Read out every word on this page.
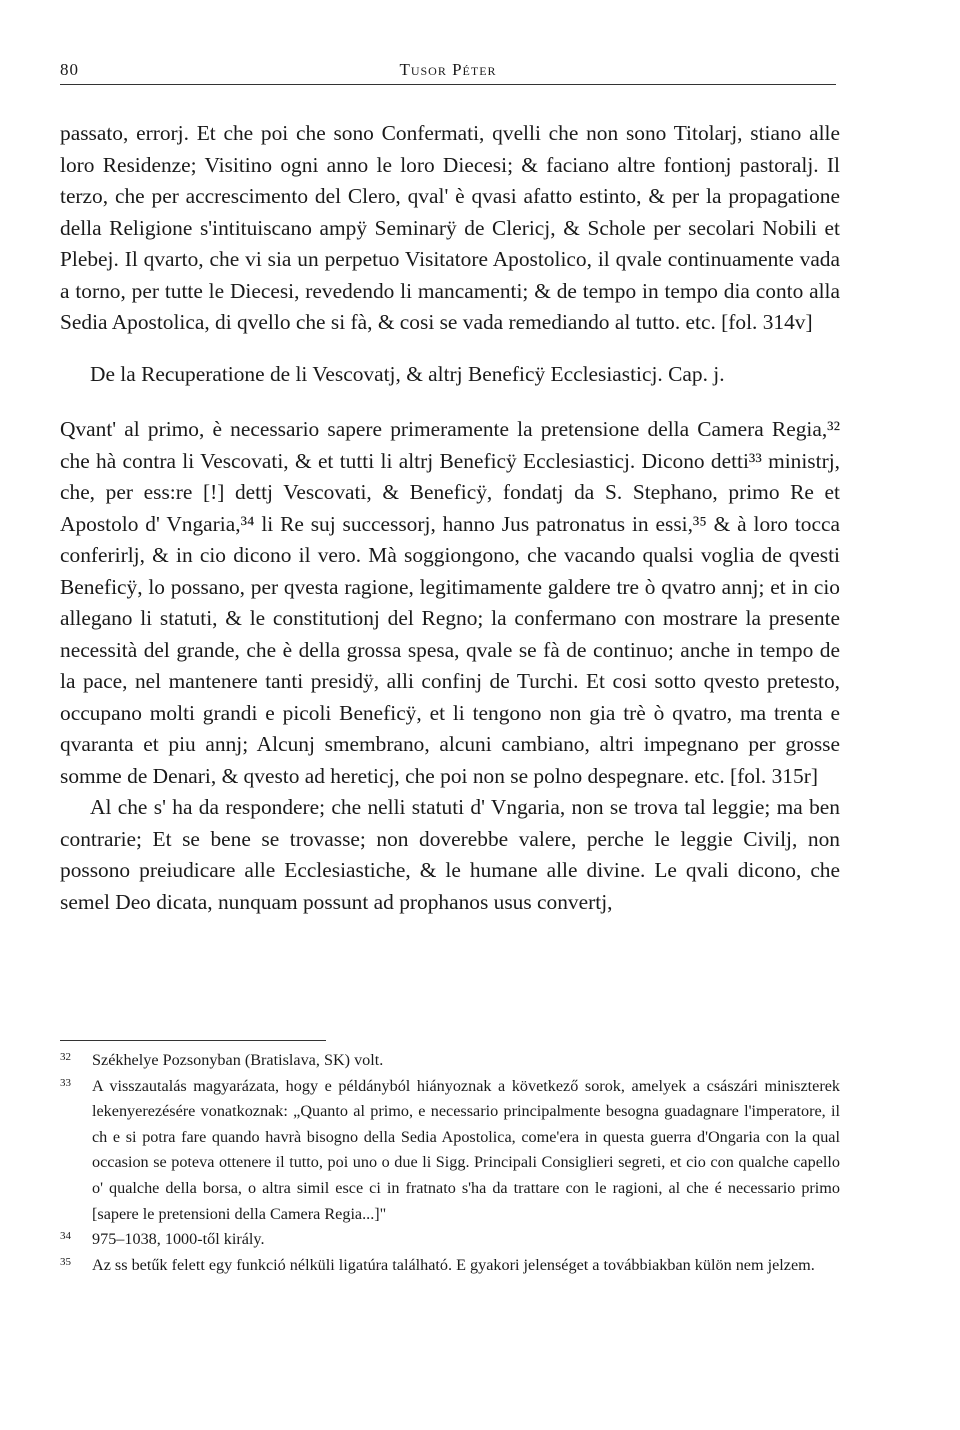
80	Tusor Péter

passato, errorj. Et che poi che sono Confermati, qvelli che non sono Titolarj, stiano alle loro Residenze; Visitino ogni anno le loro Diecesi; & faciano altre fontionj pastoralj. Il terzo, che per accrescimento del Clero, qval' è qvasi afatto estinto, & per la propagatione della Religione s'intituiscano ampÿ Seminarÿ de Clericj, & Schole per secolari Nobili et Plebej. Il qvarto, che vi sia un perpetuo Visitatore Apostolico, il qvale continuamente vada a torno, per tutte le Diecesi, revedendo li mancamenti; & de tempo in tempo dia conto alla Sedia Apostolica, di qvello che si fà, & cosi se vada remediando al tutto. etc. [fol. 314v]

De la Recuperatione de li Vescovatj, & altrj Beneficÿ Ecclesiasticj. Cap. j.

Qvant' al primo, è necessario sapere primeramente la pretensione della Camera Regia,³² che hà contra li Vescovati, & et tutti li altrj Beneficÿ Ecclesiasticj. Dicono detti³³ ministrj, che, per ess:re [!] dettj Vescovati, & Beneficÿ, fondatj da S. Stephano, primo Re et Apostolo d' Vngaria,³⁴ li Re suj successorj, hanno Jus patronatus in essi,³⁵ & à loro tocca conferirlj, & in cio dicono il vero. Mà soggiongono, che vacando qualsi voglia de qvesti Beneficÿ, lo possano, per qvesta ragione, legitimamente galdere tre ò qvatro annj; et in cio allegano li statuti, & le constitutionj del Regno; la confermano con mostrare la presente necessità del grande, che è della grossa spesa, qvale se fà de continuo; anche in tempo de la pace, nel mantenere tanti presidÿ, alli confinj de Turchi. Et cosi sotto qvesto pretesto, occupano molti grandi e picoli Beneficÿ, et li tengono non gia trè ò qvatro, ma trenta e qvaranta et piu annj; Alcunj smembrano, alcuni cambiano, altri impegnano per grosse somme de Denari, & qvesto ad hereticj, che poi non se polno despegnare. etc. [fol. 315r]

Al che s' ha da respondere; che nelli statuti d' Vngaria, non se trova tal leggie; ma ben contrarie; Et se bene se trovasse; non doverebbe valere, perche le leggie Civilj, non possono preiudicare alle Ecclesiastiche, & le humane alle divine. Le qvali dicono, che semel Deo dicata, nunquam possunt ad prophanos usus convertj,

32	Székhelye Pozsonyban (Bratislava, SK) volt.
33	A visszautalás magyarázata, hogy e példányból hiányoznak a következő sorok, amelyek a császári miniszterek lekenyerezésére vonatkoznak: „Quanto al primo, e necessario principalmente besogna guadagnare l'imperatore, il ch e si potra fare quando havrà bisogno della Sedia Apostolica, come'era in questa guerra d'Ongaria con la qual occasion se poteva ottenere il tutto, poi uno o due li Sigg. Principali Consiglieri segreti, et cio con qualche capello o' qualche della borsa, o altra simil esce ci in fratnato s'ha da trattare con le ragioni, al che é necessario primo [sapere le pretensioni della Camera Regia...]"
34	975–1038, 1000-től király.
35	Az ss betűk felett egy funkció nélküli ligatúra található. E gyakori jelenséget a továbbiakban külön nem jelzem.
